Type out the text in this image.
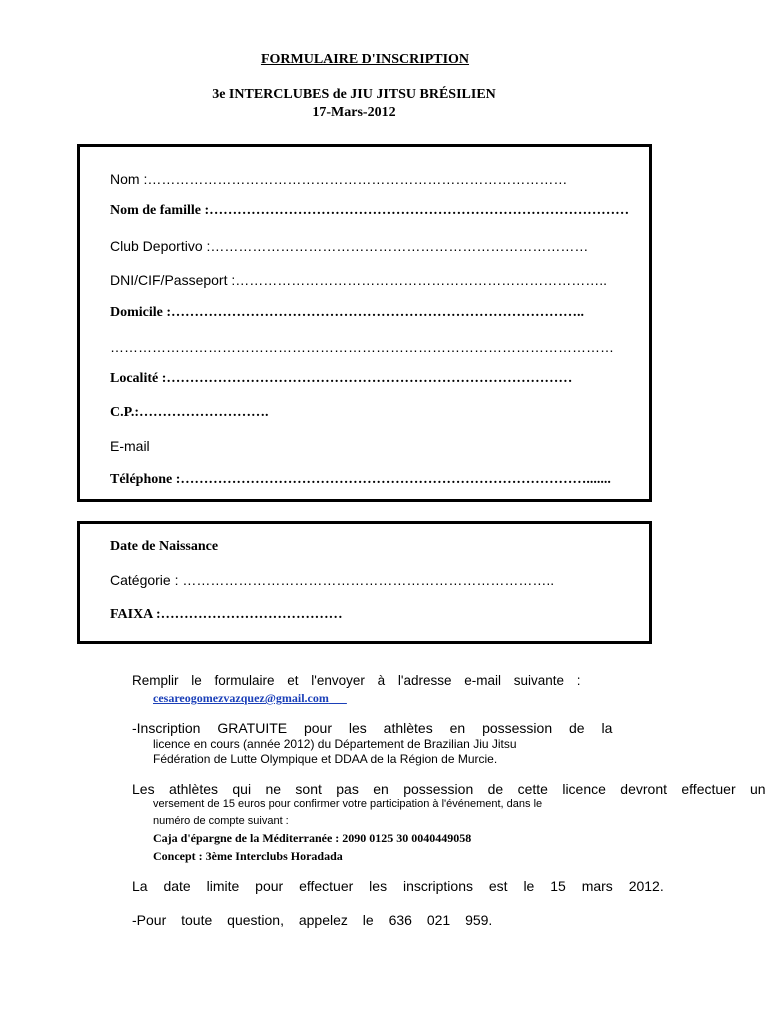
FORMULAIRE D'INSCRIPTION
3e INTERCLUBES de JIU JITSU BRÉSILIEN
17-Mars-2012
Nom :………………………………………………………………………………
Nom de famille :………………………………………………………………………………
Club Deportivo :………………………………………………………………………
DNI/CIF/Passeport :……………………………………………………………………..
Domicile :……………………………………………………………………………..
………………………………………………………………………………………………
Localité :……………………………………………………………………………
C.P.:……………………….
E-mail
Téléphone :…………………………………………………………………………….......
Date de Naissance
Catégorie : ……………………………………………………………………..
FAIXA :…………………………………
Remplir le formulaire et l'envoyer à l'adresse e-mail suivante :
cesareogomezvazquez@gmail.com
-Inscription GRATUITE pour les athlètes en possession de la
licence en cours (année 2012) du Département de Brazilian Jiu Jitsu
Fédération de Lutte Olympique et DDAA de la Région de Murcie.
Les athlètes qui ne sont pas en possession de cette licence devront effectuer un
versement de 15 euros pour confirmer votre participation à l'événement, dans le
numéro de compte suivant :
Caja d'épargne de la Méditerranée : 2090 0125 30 0040449058
Concept : 3ème Interclubs Horadada
La date limite pour effectuer les inscriptions est le 15 mars 2012.
-Pour toute question, appelez le 636 021 959.
